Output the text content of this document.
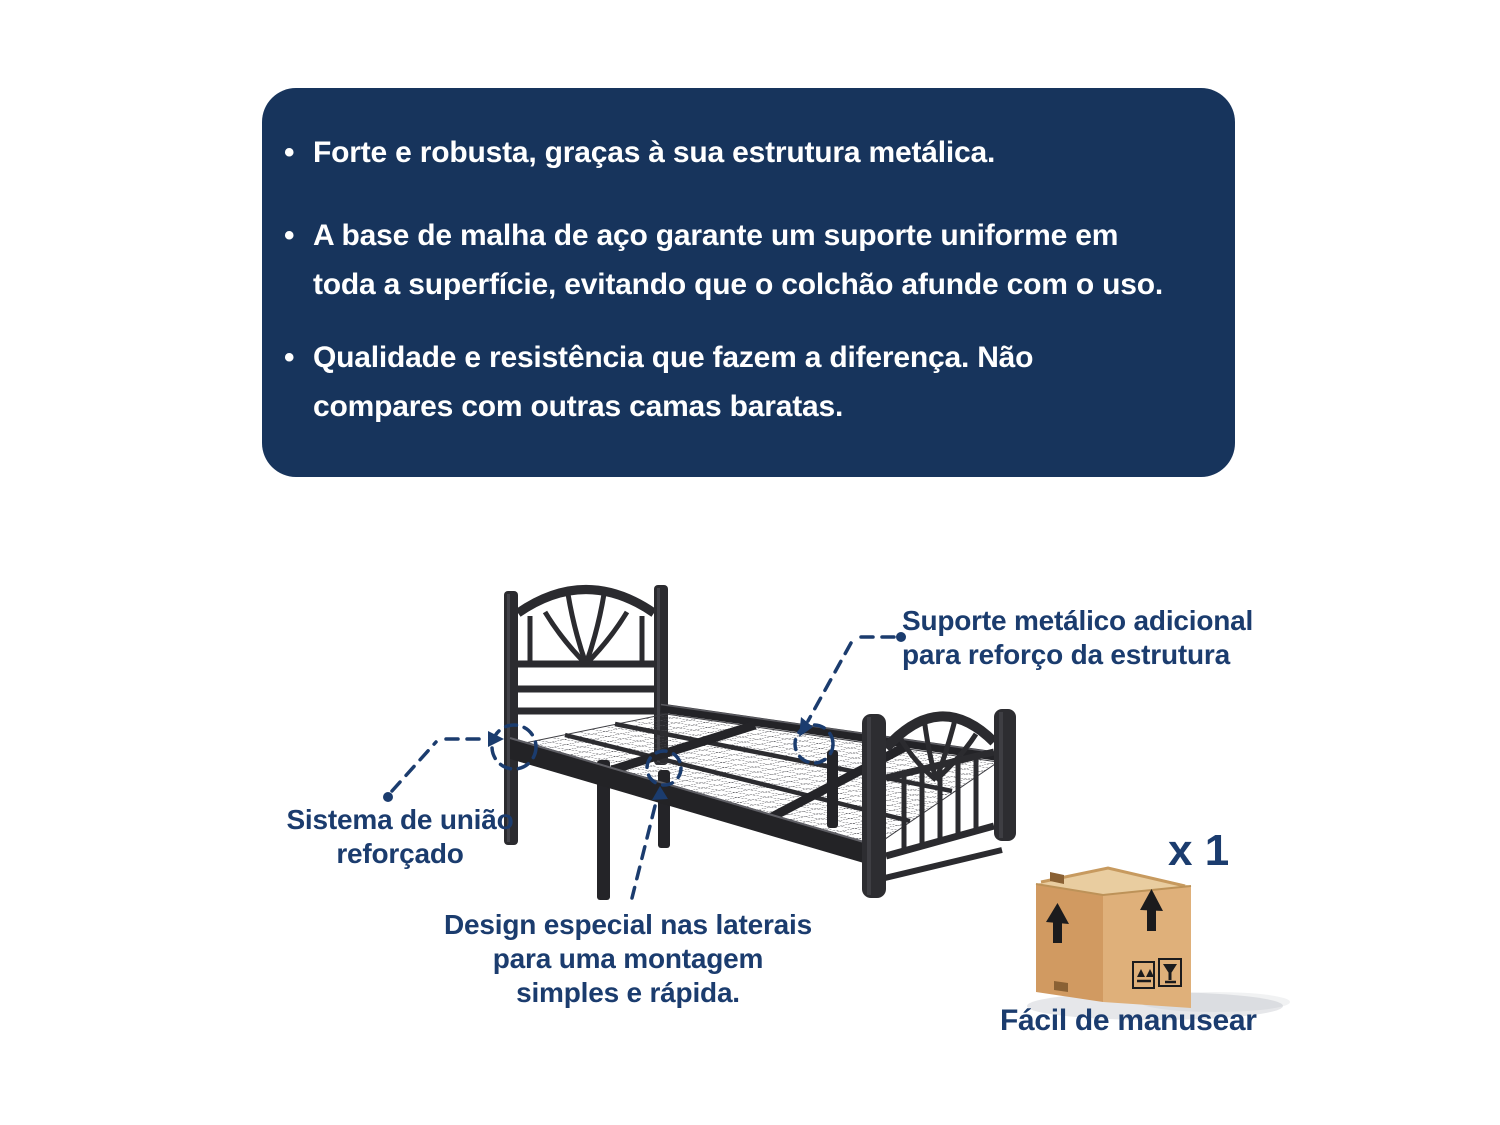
• Forte e robusta, graças à sua estrutura metálica.
• A base de malha de aço garante um suporte uniforme em
toda a superfície, evitando que o colchão afunde com o uso.
• Qualidade e resistência que fazem a diferença. Não
compares com outras camas baratas.
Suporte metálico adicional
para reforço da estrutura
Sistema de união
reforçado
Design especial nas laterais
para uma montagem
simples e rápida.
x 1
Fácil de manusear
